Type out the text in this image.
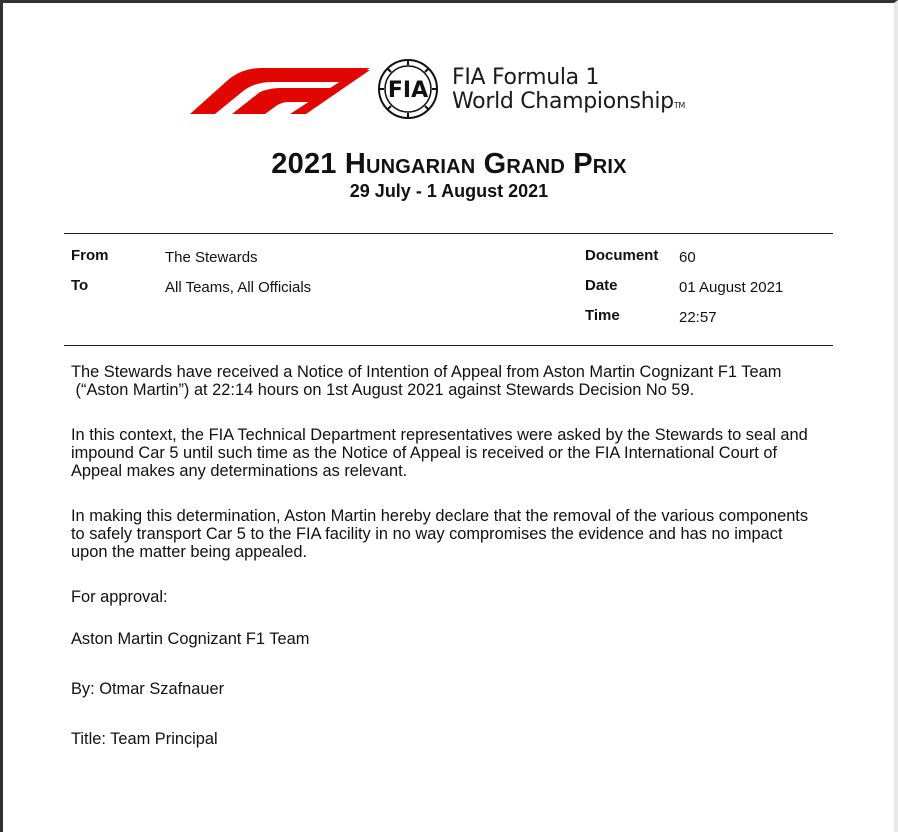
FIA
FIA Formula 1
World ChampionshipTM
2021 Hungarian Grand Prix
29 July - 1 August 2021
From	The Stewards
To	All Teams, All Officials
Document 60
Date	01 August 2021
Time	22:57

The Stewards have received a Notice of Intention of Appeal from Aston Martin Cognizant F1 Team  (“Aston Martin”) at 22:14 hours on 1st August 2021 against Stewards Decision No 59.

In this context, the FIA Technical Department representatives were asked by the Stewards to seal and impound Car 5 until such time as the Notice of Appeal is received or the FIA International Court of Appeal makes any determinations as relevant.

In making this determination, Aston Martin hereby declare that the removal of the various components to safely transport Car 5 to the FIA facility in no way compromises the evidence and has no impact upon the matter being appealed.

For approval:

Aston Martin Cognizant F1 Team

By: Otmar Szafnauer

Title: Team Principal
